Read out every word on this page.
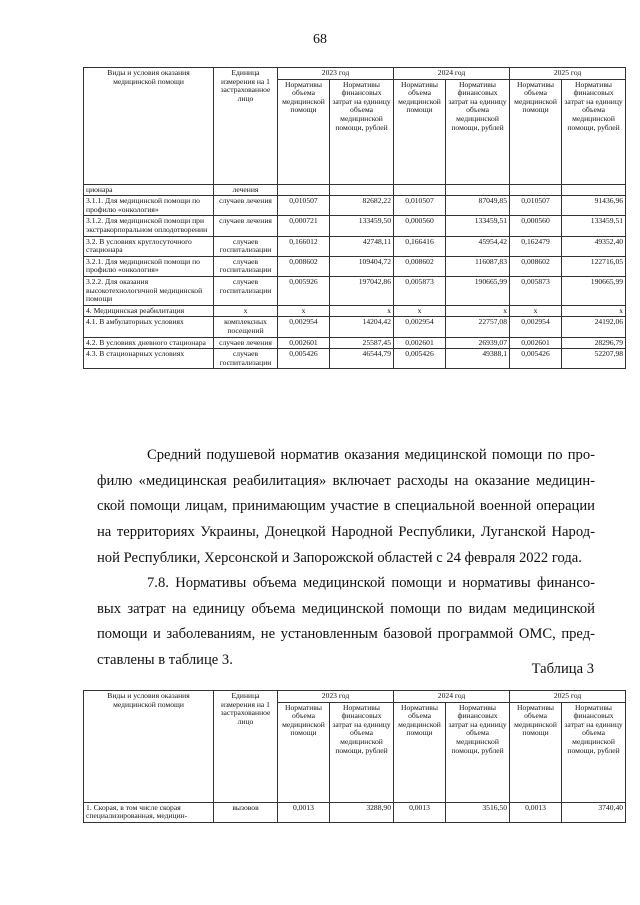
68
Виды и условия оказания медицинской помощи	Единица измерения на 1 застрахованное лицо	2023 год		2024 год		2025 год	
		Нормативы объема медицинской помощи	Нормативы финансовых затрат на единицу объема медицинской помощи, рублей	Нормативы объема медицинской помощи	Нормативы финансовых затрат на единицу объема медицинской помощи, рублей	Нормативы объема медицинской помощи	Нормативы финансовых затрат на единицу объема медицинской помощи, рублей
ционара	лечения						
3.1.1. Для медицинской помощи по профилю «онкология»	случаев лечения	0,010507	82682,22	0,010507	87049,85	0,010507	91436,96
3.1.2. Для медицинской помощи при экстракорпоральном оплодотворении	случаев лечения	0,000721	133459,50	0,000560	133459,51	0,000560	133459,51
3.2. В условиях круглосуточного стационара	случаев госпитализации	0,166012	42748,11	0,166416	45954,42	0,162479	49352,40
3.2.1. Для медицинской помощи по профилю «онкология»	случаев госпитализации	0,008602	109404,72	0,008602	116087,83	0,008602	122716,05
3.2.2. Для оказания высокотехнологичной медицинской помощи	случаев госпитализации	0,005926	197042,86	0,005873	190665,99	0,005873	190665,99
4. Медицинская реабилитация	х	х	х	х	х	х	х
4.1. В амбулаторных условиях	комплексных посещений	0,002954	14204,42	0,002954	22757,08	0,002954	24192,06
4.2. В условиях дневного стационара	случаев лечения	0,002601	25587,45	0,002601	26939,07	0,002601	28296,79
4.3. В стационарных условиях	случаев госпитализации	0,005426	46544,79	0,005426	49388,1	0,005426	52207,98
Средний подушевой норматив оказания медицинской помощи по про-
филю «медицинская реабилитация» включает расходы на оказание медицин-
ской помощи лицам, принимающим участие в специальной военной операции
на территориях Украины, Донецкой Народной Республики, Луганской Народ-
ной Республики, Херсонской и Запорожской областей с 24 февраля 2022 года.
7.8. Нормативы объема медицинской помощи и нормативы финансо-
вых затрат на единицу объема медицинской помощи по видам медицинской
помощи и заболеваниям, не установленным базовой программой ОМС, пред-
ставлены в таблице 3.
Таблица 3
Виды и условия оказания медицинской помощи	Единица измерения на 1 застрахованное лицо	2023 год		2024 год		2025 год	
		Нормативы объема медицинской помощи	Нормативы финансовых затрат на единицу объема медицинской помощи, рублей	Нормативы объема медицинской помощи	Нормативы финансовых затрат на единицу объема медицинской помощи, рублей	Нормативы объема медицинской помощи	Нормативы финансовых затрат на единицу объема медицинской помощи, рублей
1. Скорая, в том числе скорая специализированная, медицин-	вызовов	0,0013	3288,90	0,0013	3516,50	0,0013	3740,40
